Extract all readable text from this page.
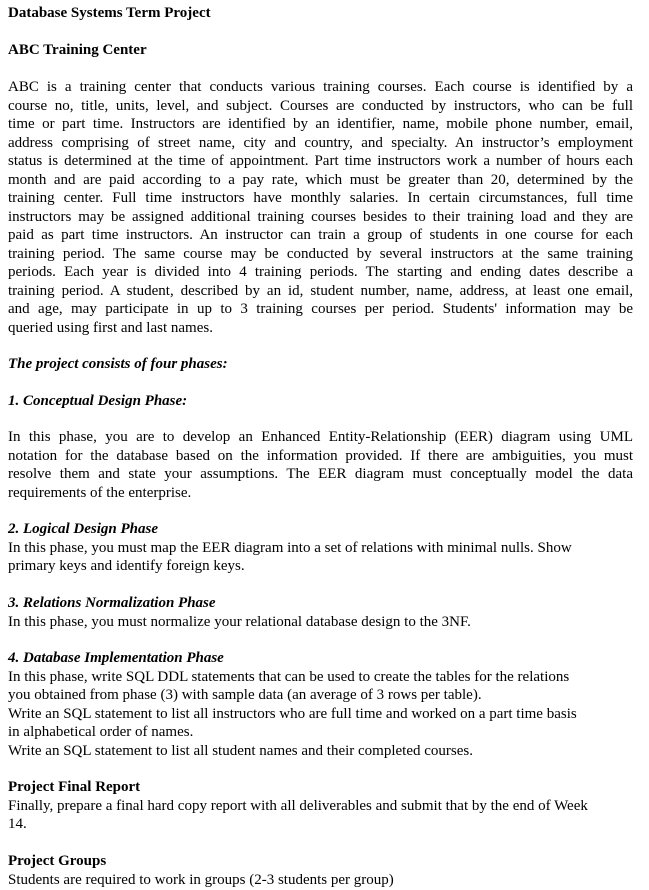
Database Systems Term Project

ABC Training Center

ABC is a training center that conducts various training courses. Each course is identified by a

course no, title, units, level, and subject. Courses are conducted by instructors, who can be full

time or part time. Instructors are identified by an identifier, name, mobile phone number, email,

address comprising of street name, city and country, and specialty. An instructor’s employment

status is determined at the time of appointment. Part time instructors work a number of hours each

month and are paid according to a pay rate, which must be greater than 20, determined by the

training center. Full time instructors have monthly salaries. In certain circumstances, full time

instructors may be assigned additional training courses besides to their training load and they are

paid as part time instructors. An instructor can train a group of students in one course for each

training period. The same course may be conducted by several instructors at the same training

periods. Each year is divided into 4 training periods. The starting and ending dates describe a

training period. A student, described by an id, student number, name, address, at least one email,

and age, may participate in up to 3 training courses per period. Students' information may be

queried using first and last names.

The project consists of four phases:

1. Conceptual Design Phase:

In this phase, you are to develop an Enhanced Entity-Relationship (EER) diagram using UML

notation for the database based on the information provided. If there are ambiguities, you must

resolve them and state your assumptions. The EER diagram must conceptually model the data

requirements of the enterprise.

2. Logical Design Phase

In this phase, you must map the EER diagram into a set of relations with minimal nulls. Show

primary keys and identify foreign keys.

3. Relations Normalization Phase

In this phase, you must normalize your relational database design to the 3NF.

4. Database Implementation Phase

In this phase, write SQL DDL statements that can be used to create the tables for the relations

you obtained from phase (3) with sample data (an average of 3 rows per table).

Write an SQL statement to list all instructors who are full time and worked on a part time basis

in alphabetical order of names.

Write an SQL statement to list all student names and their completed courses.

Project Final Report

Finally, prepare a final hard copy report with all deliverables and submit that by the end of Week

14.

Project Groups

Students are required to work in groups (2-3 students per group)
